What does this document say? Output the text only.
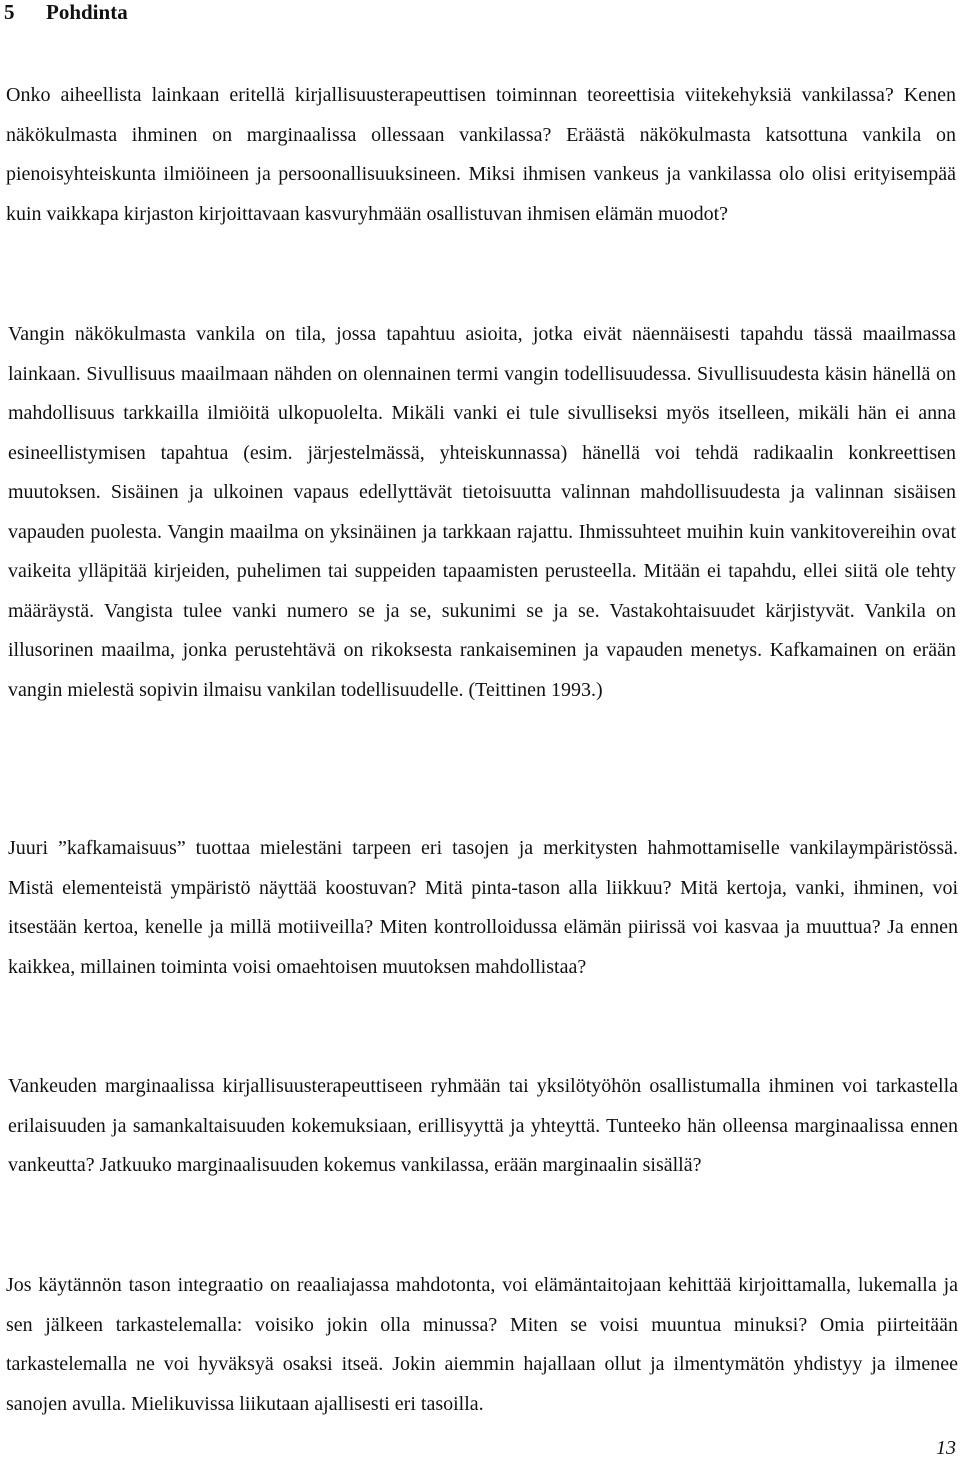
5 Pohdinta

Onko aiheellista lainkaan eritellä kirjallisuusterapeuttisen toiminnan teoreettisia viitekehyksiä vankilassa? Kenen näkökulmasta ihminen on marginaalissa ollessaan vankilassa? Eräästä näkökulmasta katsottuna vankila on pienoisyhteiskunta ilmiöineen ja persoonallisuuksineen. Miksi ihmisen vankeus ja vankilassa olo olisi erityisempää kuin vaikkapa kirjaston kirjoittavaan kasvuryhmään osallistuvan ihmisen elämän muodot?

Vangin näkökulmasta vankila on tila, jossa tapahtuu asioita, jotka eivät näennäisesti tapahdu tässä maailmassa lainkaan. Sivullisuus maailmaan nähden on olennainen termi vangin todellisuudessa. Sivullisuudesta käsin hänellä on mahdollisuus tarkkailla ilmiöitä ulkopuolelta. Mikäli vanki ei tule sivulliseksi myös itselleen, mikäli hän ei anna esineellistymisen tapahtua (esim. järjestelmässä, yhteiskunnassa) hänellä voi tehdä radikaalin konkreettisen muutoksen. Sisäinen ja ulkoinen vapaus edellyttävät tietoisuutta valinnan mahdollisuudesta ja valinnan sisäisen vapauden puolesta. Vangin maailma on yksinäinen ja tarkkaan rajattu. Ihmissuhteet muihin kuin vankitovereihin ovat vaikeita ylläpitää kirjeiden, puhelimen tai suppeiden tapaamisten perusteella. Mitään ei tapahdu, ellei siitä ole tehty määräystä. Vangista tulee vanki numero se ja se, sukunimi se ja se. Vastakohtaisuudet kärjistyvät. Vankila on illusorinen maailma, jonka perustehtävä on rikoksesta rankaiseminen ja vapauden menetys. Kafkamainen on erään vangin mielestä sopivin ilmaisu vankilan todellisuudelle. (Teittinen 1993.)

Juuri ”kafkamaisuus” tuottaa mielestäni tarpeen eri tasojen ja merkitysten hahmottamiselle vankilaympäristössä. Mistä elementeistä ympäristö näyttää koostuvan? Mitä pinta-tason alla liikkuu? Mitä kertoja, vanki, ihminen, voi itsestään kertoa, kenelle ja millä motiiveilla? Miten kontrolloidussa elämän piirissä voi kasvaa ja muuttua? Ja ennen kaikkea, millainen toiminta voisi omaehtoisen muutoksen mahdollistaa?

Vankeuden marginaalissa kirjallisuusterapeuttiseen ryhmään tai yksilötyöhön osallistumalla ihminen voi tarkastella erilaisuuden ja samankaltaisuuden kokemuksiaan, erillisyyttä ja yhteyttä. Tunteeko hän olleensa marginaalissa ennen vankeutta? Jatkuuko marginaalisuuden kokemus vankilassa, erään marginaalin sisällä?

Jos käytännön tason integraatio on reaaliajassa mahdotonta, voi elämäntaitojaan kehittää kirjoittamalla, lukemalla ja sen jälkeen tarkastelemalla: voisiko jokin olla minussa? Miten se voisi muuntua minuksi? Omia piirteitään tarkastelemalla ne voi hyväksyä osaksi itseä. Jokin aiemmin hajallaan ollut ja ilmentymätön yhdistyy ja ilmenee sanojen avulla. Mielikuvissa liikutaan ajallisesti eri tasoilla.

13
